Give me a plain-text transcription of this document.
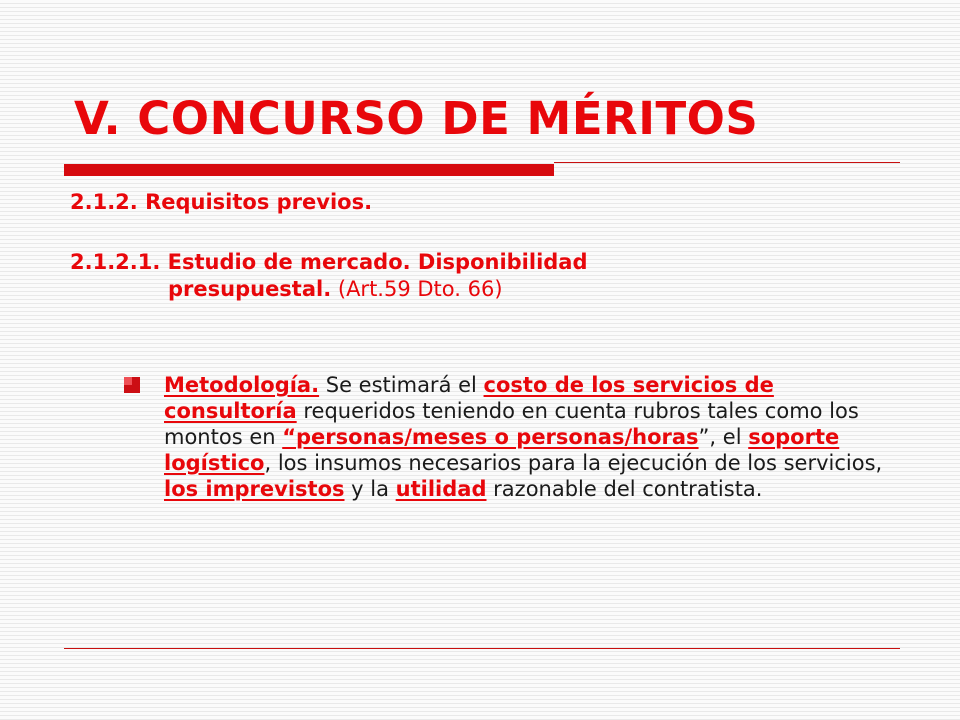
V. CONCURSO DE MÉRITOS

2.1.2. Requisitos previos.

2.1.2.1. Estudio de mercado. Disponibilidad
presupuestal. (Art.59 Dto. 66)

Metodología. Se estimará el costo de los servicios de consultoría requeridos teniendo en cuenta rubros tales como los montos en “personas/meses o personas/horas”, el soporte logístico, los insumos necesarios para la ejecución de los servicios, los imprevistos y la utilidad razonable del contratista.
